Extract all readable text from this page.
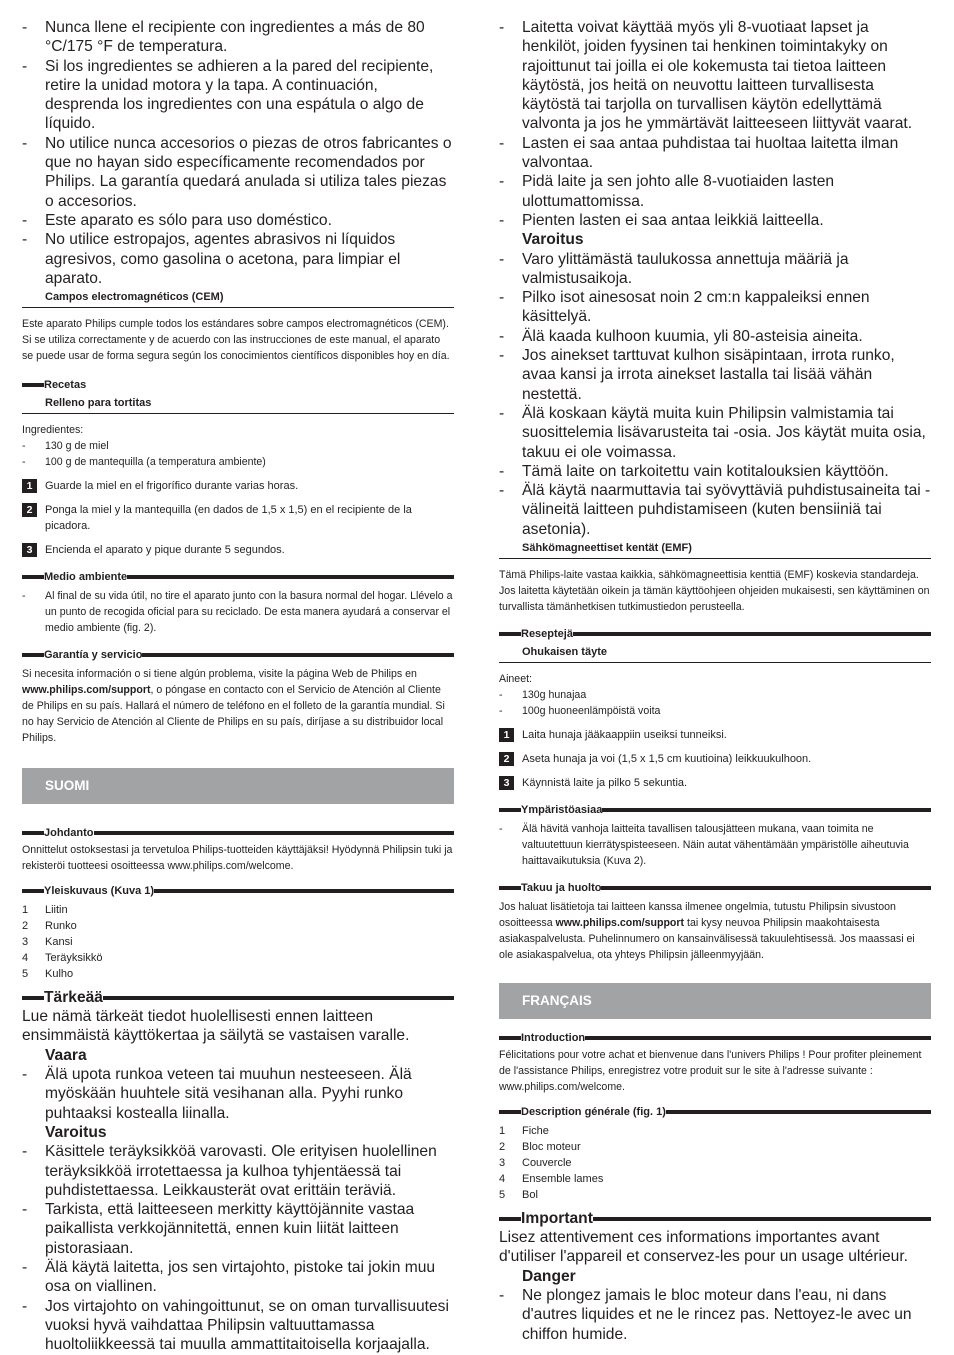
- Nunca llene el recipiente con ingredientes a más de 80 °C/175 °F de temperatura.
- Si los ingredientes se adhieren a la pared del recipiente, retire la unidad motora y la tapa. A continuación, desprenda los ingredientes con una espátula o algo de líquido.
- No utilice nunca accesorios o piezas de otros fabricantes o que no hayan sido específicamente recomendados por Philips. La garantía quedará anulada si utiliza tales piezas o accesorios.
- Este aparato es sólo para uso doméstico.
- No utilice estropajos, agentes abrasivos ni líquidos agresivos, como gasolina o acetona, para limpiar el aparato.
Campos electromagnéticos (CEM)
Este aparato Philips cumple todos los estándares sobre campos electromagnéticos (CEM). Si se utiliza correctamente y de acuerdo con las instrucciones de este manual, el aparato se puede usar de forma segura según los conocimientos científicos disponibles hoy en día.
Recetas
Relleno para tortitas
Ingredientes:
- 130 g de miel
- 100 g de mantequilla (a temperatura ambiente)
1	Guarde la miel en el frigorífico durante varias horas.
2	Ponga la miel y la mantequilla (en dados de 1,5 x 1,5) en el recipiente de la picadora.
3	Encienda el aparato y pique durante 5 segundos.
Medio ambiente
- Al final de su vida útil, no tire el aparato junto con la basura normal del hogar. Llévelo a un punto de recogida oficial para su reciclado. De esta manera ayudará a conservar el medio ambiente (fig. 2).
Garantía y servicio
Si necesita información o si tiene algún problema, visite la página Web de Philips en www.philips.com/support, o póngase en contacto con el Servicio de Atención al Cliente de Philips en su país. Hallará el número de teléfono en el folleto de la garantía mundial. Si no hay Servicio de Atención al Cliente de Philips en su país, diríjase a su distribuidor local Philips.
SUOMI
Johdanto
Onnittelut ostoksestasi ja tervetuloa Philips-tuotteiden käyttäjäksi! Hyödynnä Philipsin tuki ja rekisteröi tuotteesi osoitteessa www.philips.com/welcome.
Yleiskuvaus (Kuva 1)
1	Liitin
2	Runko
3	Kansi
4	Teräyksikkö
5	Kulho
Tärkeää
Lue nämä tärkeät tiedot huolellisesti ennen laitteen ensimmäistä käyttökertaa ja säilytä se vastaisen varalle.
Vaara
- Älä upota runkoa veteen tai muuhun nesteeseen. Älä myöskään huuhtele sitä vesihanan alla. Pyyhi runko puhtaaksi kostealla liinalla.
Varoitus
- Käsittele teräyksikköä varovasti. Ole erityisen huolellinen teräyksikköä irrotettaessa ja kulhoa tyhjentäessä tai puhdistettaessa. Leikkausterät ovat erittäin teräviä.
- Tarkista, että laitteeseen merkitty käyttöjännite vastaa paikallista verkkojännitettä, ennen kuin liität laitteen pistorasiaan.
- Älä käytä laitetta, jos sen virtajohto, pistoke tai jokin muu osa on viallinen.
- Jos virtajohto on vahingoittunut, se on oman turvallisuutesi vuoksi hyvä vaihdattaa Philipsin valtuuttamassa huoltoliikkeessä tai muulla ammattitaitoisella korjaajalla.
- Laitetta voivat käyttää myös yli 8-vuotiaat lapset ja henkilöt, joiden fyysinen tai henkinen toimintakyky on rajoittunut tai joilla ei ole kokemusta tai tietoa laitteen käytöstä, jos heitä on neuvottu laitteen turvallisesta käytöstä tai tarjolla on turvallisen käytön edellyttämä valvonta ja jos he ymmärtävät laitteeseen liittyvät vaarat.
- Lasten ei saa antaa puhdistaa tai huoltaa laitetta ilman valvontaa.
- Pidä laite ja sen johto alle 8-vuotiaiden lasten ulottumattomissa.
- Pienten lasten ei saa antaa leikkiä laitteella.
Varoitus
- Varo ylittämästä taulukossa annettuja määriä ja valmistusaikoja.
- Pilko isot ainesosat noin 2 cm:n kappaleiksi ennen käsittelyä.
- Älä kaada kulhoon kuumia, yli 80-asteisia aineita.
- Jos ainekset tarttuvat kulhon sisäpintaan, irrota runko, avaa kansi ja irrota ainekset lastalla tai lisää vähän nestettä.
- Älä koskaan käytä muita kuin Philipsin valmistamia tai suosittelemia lisävarusteita tai -osia. Jos käytät muita osia, takuu ei ole voimassa.
- Tämä laite on tarkoitettu vain kotitalouksien käyttöön.
- Älä käytä naarmuttavia tai syövyttäviä puhdistusaineita tai -välineitä laitteen puhdistamiseen (kuten bensiiniä tai asetonia).
Sähkömagneettiset kentät (EMF)
Tämä Philips-laite vastaa kaikkia, sähkömagneettisia kenttiä (EMF) koskevia standardeja. Jos laitetta käytetään oikein ja tämän käyttöohjeen ohjeiden mukaisesti, sen käyttäminen on turvallista tämänhetkisen tutkimustiedon perusteella.
Reseptejä
Ohukaisen täyte
Aineet:
- 130g hunajaa
- 100g huoneenlämpöistä voita
1	Laita hunaja jääkaappiin useiksi tunneiksi.
2	Aseta hunaja ja voi (1,5 x 1,5 cm kuutioina) leikkuukulhoon.
3	Käynnistä laite ja pilko 5 sekuntia.
Ympäristöasiaa
- Älä hävitä vanhoja laitteita tavallisen talousjätteen mukana, vaan toimita ne valtuutettuun kierrätyspisteeseen. Näin autat vähentämään ympäristölle aiheutuvia haittavaikutuksia (Kuva 2).
Takuu ja huolto
Jos haluat lisätietoja tai laitteen kanssa ilmenee ongelmia, tutustu Philipsin sivustoon osoitteessa www.philips.com/support tai kysy neuvoa Philipsin maakohtaisesta asiakaspalvelusta. Puhelinnumero on kansainvälisessä takuulehtisessä. Jos maassasi ei ole asiakaspalvelua, ota yhteys Philipsin jälleenmyyjään.
FRANÇAIS
Introduction
Félicitations pour votre achat et bienvenue dans l'univers Philips ! Pour profiter pleinement de l'assistance Philips, enregistrez votre produit sur le site à l'adresse suivante : www.philips.com/welcome.
Description générale (fig. 1)
1	Fiche
2	Bloc moteur
3	Couvercle
4	Ensemble lames
5	Bol
Important
Lisez attentivement ces informations importantes avant d'utiliser l'appareil et conservez-les pour un usage ultérieur.
Danger
- Ne plongez jamais le bloc moteur dans l'eau, ni dans d'autres liquides et ne le rincez pas. Nettoyez-le avec un chiffon humide.
